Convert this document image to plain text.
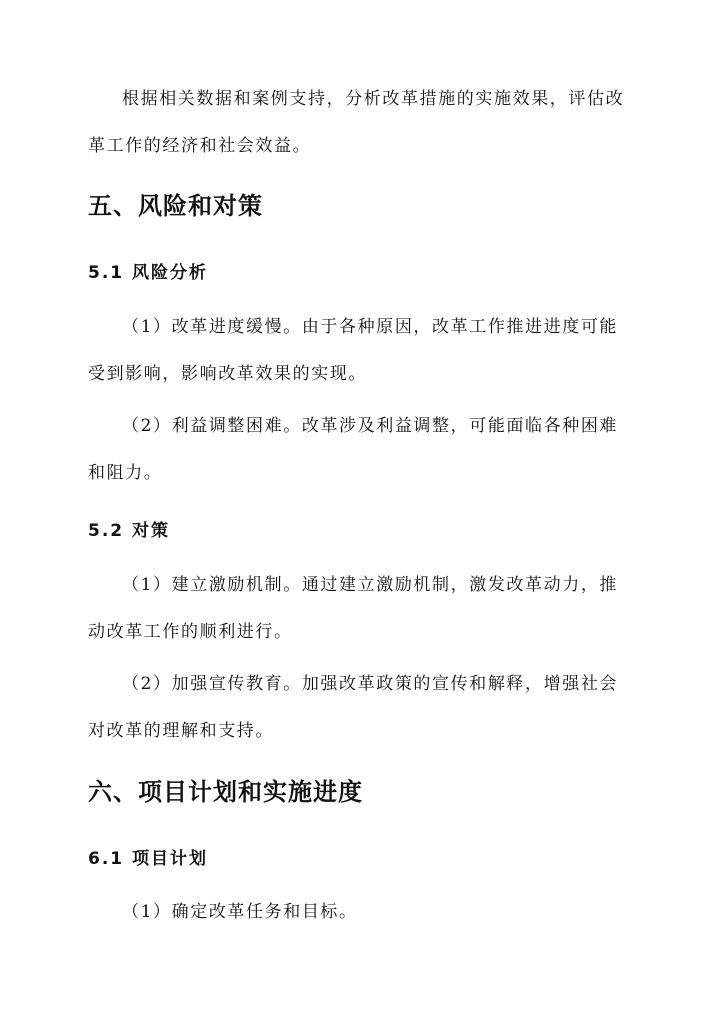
根据相关数据和案例支持，分析改革措施的实施效果，评估改
革工作的经济和社会效益。

五、风险和对策
5.1 风险分析

（1）改革进度缓慢。由于各种原因，改革工作推进进度可能
受到影响，影响改革效果的实现。

（2）利益调整困难。改革涉及利益调整，可能面临各种困难
和阻力。

5.2 对策

（1）建立激励机制。通过建立激励机制，激发改革动力，推
动改革工作的顺利进行。

（2）加强宣传教育。加强改革政策的宣传和解释，增强社会
对改革的理解和支持。

六、项目计划和实施进度
6.1 项目计划

（1）确定改革任务和目标。
